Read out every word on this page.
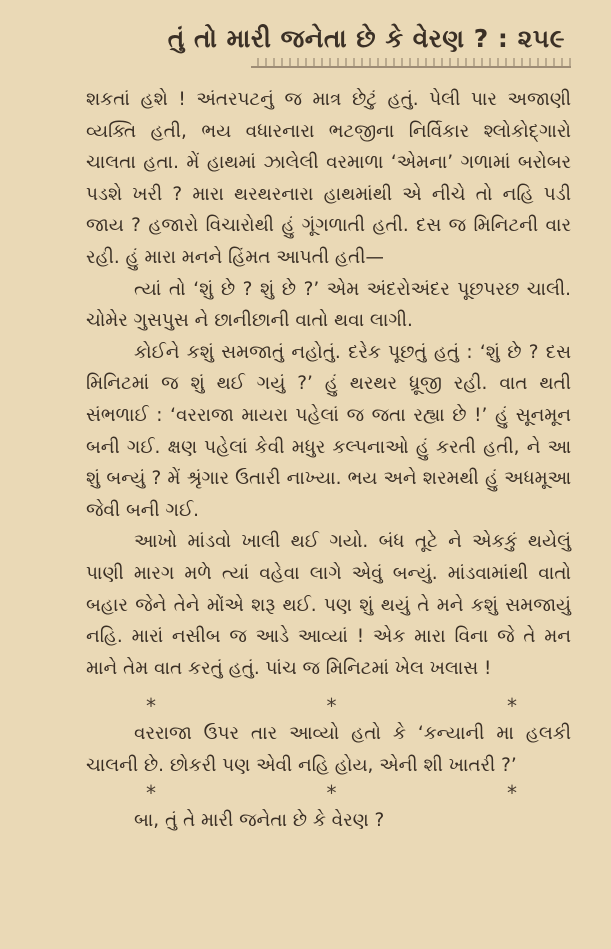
તું તો મારી જનેતા છે કે વેરણ ? : ૨૫૯

શકતાં હશે ! અંતરપટનું જ માત્ર છેટું હતું. પેલી પાર અજાણી વ્યક્તિ હતી, ભય વધારનારા ભટજીના નિર્વિકાર શ્લોકોદ્ગારો ચાલતા હતા. મેં હાથમાં ઝાલેલી વરમાળા ‘એમના’ ગળામાં બરોબર પડશે ખરી ? મારા થરથરનારા હાથમાંથી એ નીચે તો નહિ પડી જાય ? હજારો વિચારોથી હું ગૂંગળાતી હતી. દસ જ મિનિટની વાર રહી. હું મારા મનને હિંમત આપતી હતી—

ત્યાં તો ‘શું છે ? શું છે ?’ એમ અંદરોઅંદર પૂછપરછ ચાલી. ચોમેર ગુસપુસ ને છાનીછાની વાતો થવા લાગી.

કોઈને કશું સમજાતું નહોતું. દરેક પૂછતું હતું : ‘શું છે ? દસ મિનિટમાં જ શું થઈ ગયું ?’ હું થરથર ધ્રૂજી રહી. વાત થતી સંભળાઈ : ‘વરરાજા માયરા પહેલાં જ જતા રહ્યા છે !’ હું સૂનમૂન બની ગઈ. ક્ષણ પહેલાં કેવી મધુર કલ્પનાઓ હું કરતી હતી, ને આ શું બન્યું ? મેં શ્રૃંગાર ઉતારી નાખ્યા. ભય અને શરમથી હું અધમૂઆ જેવી બની ગઈ.

આખો માંડવો ખાલી થઈ ગયો. બંધ તૂટે ને એકકું થયેલું પાણી મારગ મળે ત્યાં વહેવા લાગે એવું બન્યું. માંડવામાંથી વાતો બહાર જેને તેને મોંએ શરૂ થઈ. પણ શું થયું તે મને કશું સમજાયું નહિ. મારાં નસીબ જ આડે આવ્યાં ! એક મારા વિના જે તે મન માને તેમ વાત કરતું હતું. પાંચ જ મિનિટમાં ખેલ ખલાસ !

*	*	*

વરરાજા ઉપર તાર આવ્યો હતો કે ‘કન્યાની મા હલકી ચાલની છે. છોકરી પણ એવી નહિ હોય, એની શી ખાતરી ?’

*	*	*

બા, તું તે મારી જનેતા છે કે વેરણ ?
